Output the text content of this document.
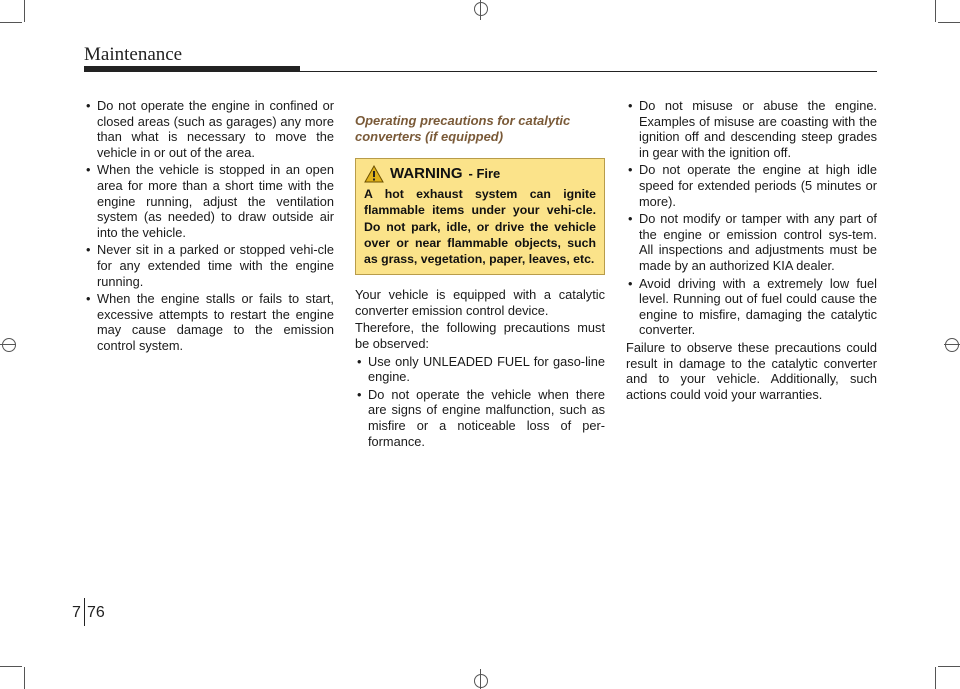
Maintenance
• Do not operate the engine in confined or closed areas (such as garages) any more than what is necessary to move the vehicle in or out of the area.
• When the vehicle is stopped in an open area for more than a short time with the engine running, adjust the ventilation system (as needed) to draw outside air into the vehicle.
• Never sit in a parked or stopped vehi-cle for any extended time with the engine running.
• When the engine stalls or fails to start, excessive attempts to restart the engine may cause damage to the emission control system.
Operating precautions for catalytic converters (if equipped)
WARNING - Fire
A hot exhaust system can ignite flammable items under your vehi-cle. Do not park, idle, or drive the vehicle over or near flammable objects, such as grass, vegetation, paper, leaves, etc.

Your vehicle is equipped with a catalytic converter emission control device.

Therefore, the following precautions must be observed:

• Use only UNLEADED FUEL for gaso-line engine.
• Do not operate the vehicle when there are signs of engine malfunction, such as misfire or a noticeable loss of per-formance.
• Do not misuse or abuse the engine. Examples of misuse are coasting with the ignition off and descending steep grades in gear with the ignition off.
• Do not operate the engine at high idle speed for extended periods (5 minutes or more).
• Do not modify or tamper with any part of the engine or emission control sys-tem. All inspections and adjustments must be made by an authorized KIA dealer.
• Avoid driving with a extremely low fuel level. Running out of fuel could cause the engine to misfire, damaging the catalytic converter.

Failure to observe these precautions could result in damage to the catalytic converter and to your vehicle. Additionally, such actions could void your warranties.

7 76
